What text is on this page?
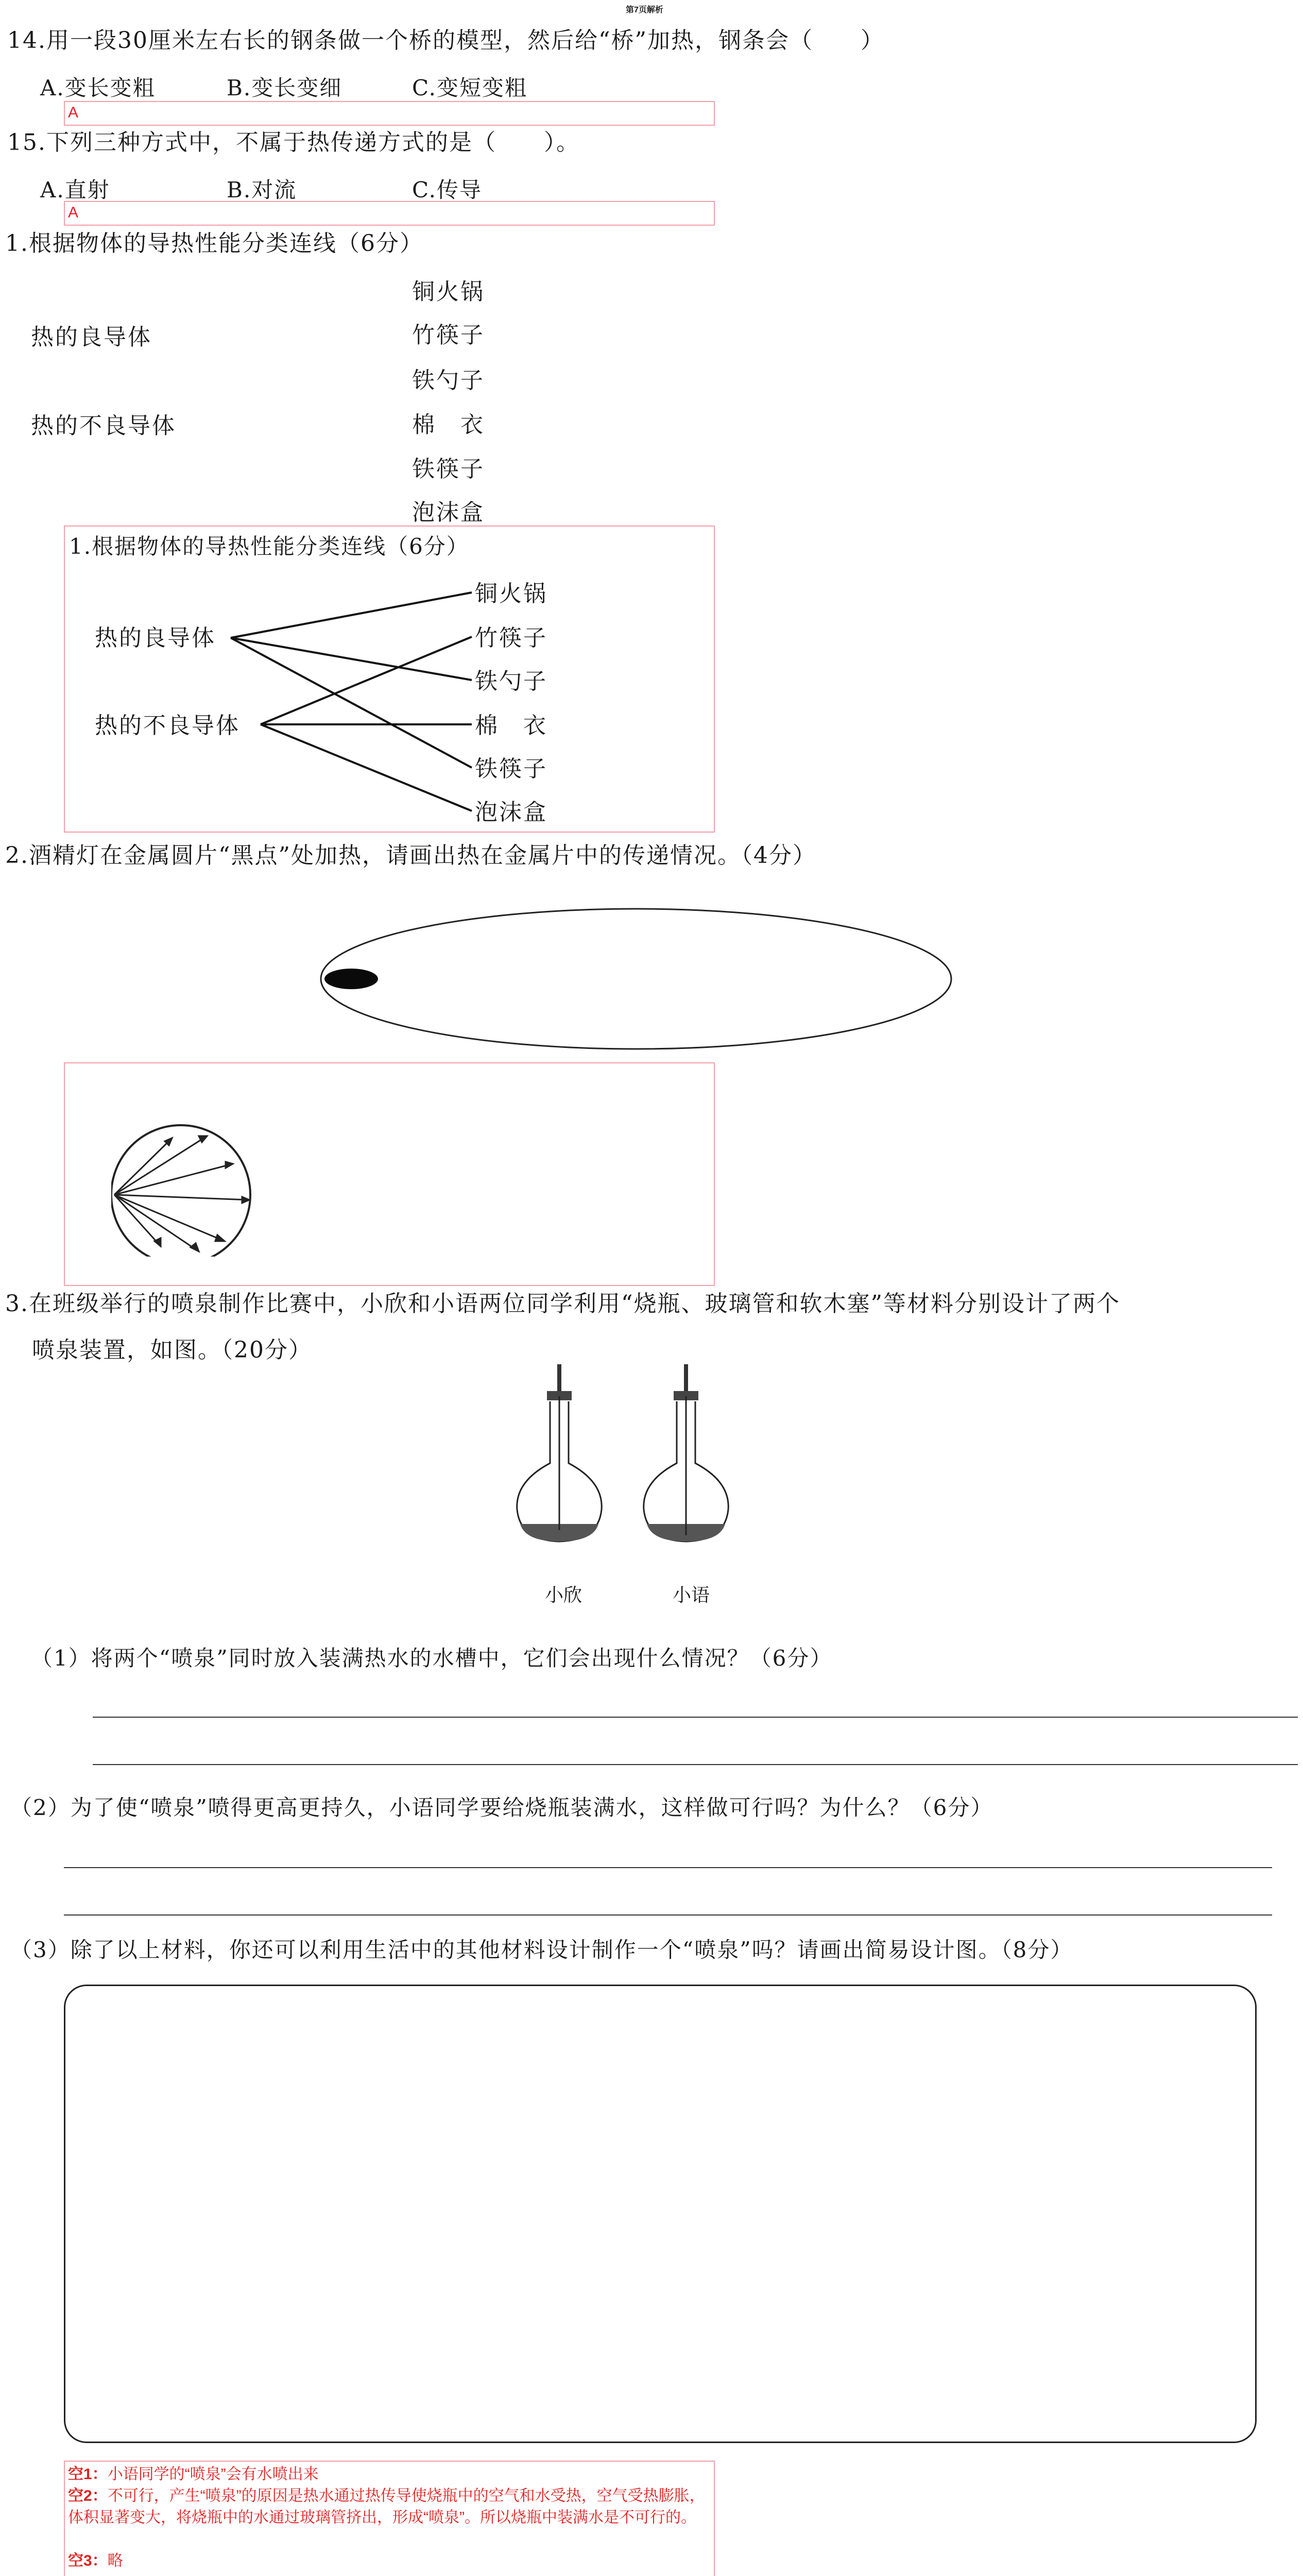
第7页解析
14.用一段30厘米左右长的钢条做一个桥的模型，然后给“桥”加热，钢条会（　　）
A.变长变粗	B.变长变细	C.变短变粗
A
15.下列三种方式中，不属于热传递方式的是（　　）。
A.直射	B.对流	C.传导
A
1.根据物体的导热性能分类连线（6分）
热的良导体
热的不良导体
铜火锅
竹筷子
铁勺子
棉　衣
铁筷子
泡沫盒
1.根据物体的导热性能分类连线（6分）
热的良导体
热的不良导体
铜火锅
竹筷子
铁勺子
棉　衣
铁筷子
泡沫盒
2.酒精灯在金属圆片“黑点”处加热，请画出热在金属片中的传递情况。（4分）
3.在班级举行的喷泉制作比赛中，小欣和小语两位同学利用“烧瓶、玻璃管和软木塞”等材料分别设计了两个
喷泉装置，如图。（20分）
小欣	小语
（1）将两个“喷泉”同时放入装满热水的水槽中，它们会出现什么情况？（6分）
（2）为了使“喷泉”喷得更高更持久，小语同学要给烧瓶装满水，这样做可行吗？为什么？（6分）
（3）除了以上材料，你还可以利用生活中的其他材料设计制作一个“喷泉”吗？请画出简易设计图。（8分）
空1：小语同学的“喷泉”会有水喷出来
空2：不可行，产生“喷泉”的原因是热水通过热传导使烧瓶中的空气和水受热，空气受热膨胀，体积显著变大，将烧瓶中的水通过玻璃管挤出，形成“喷泉”。所以烧瓶中装满水是不可行的。
空3：略
